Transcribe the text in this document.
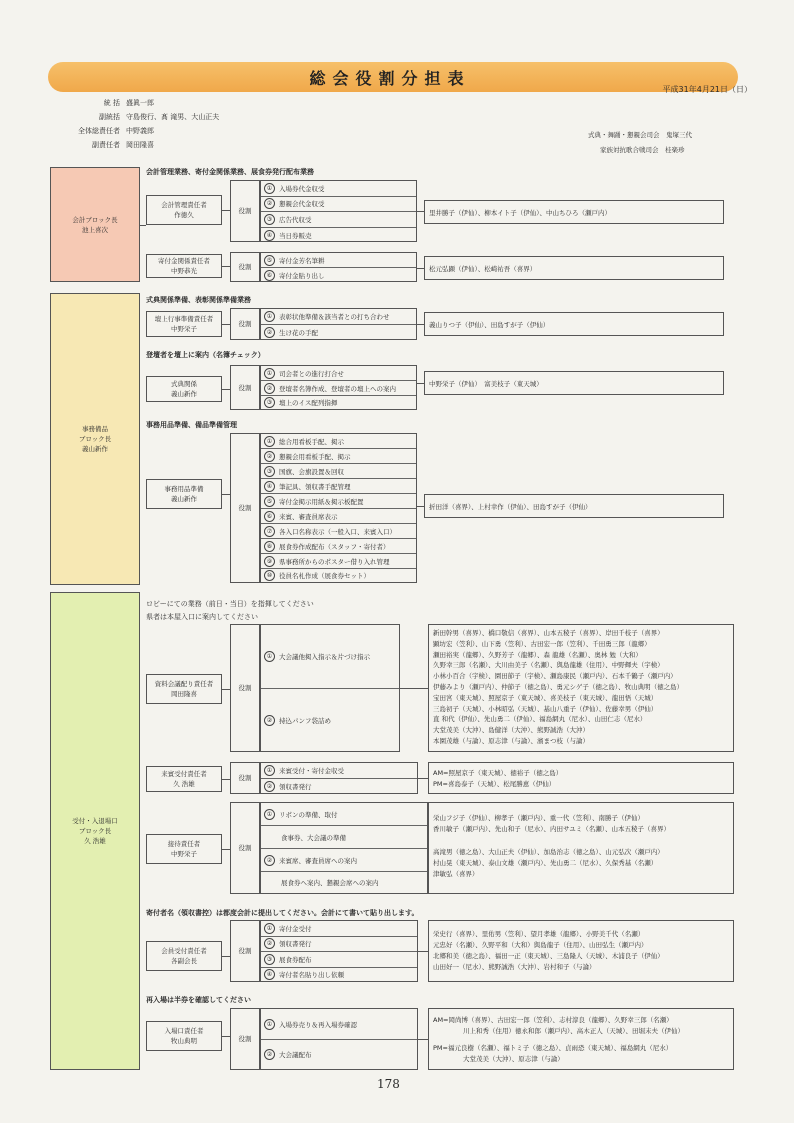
総会役割分担表
平成31年4月21日（日）
統 括 盛眞一郎
副統括 守島俊行、髙 滝男、大山正夫
全体総責任者 中野義郎
副責任者 岡田隆喜
式典・舞踊・懇親会司会　 鬼塚三代
家族対抗歌合戦司会　 桂楽珍
会計ブロック長
池上喜次
会計管理業務、寄付金関係業務、展食券発行配布業務
会計管理責任者
作徳久	役割
①	入場券代金収受
②	懇親会代金収受
③	広告代収受
④	当日券販売
里井勝子（伊仙）、柳本イト子（伊仙）、中山ちひろ（瀬戸内）
寄付金関係責任者
中野恭光	役割
⑤	寄付金芳名筆耕
⑥	寄付金貼り出し
松元弘顕（伊仙）、松崎祐吾（喜界）
事務備品
ブロック長
義山新作
式典関係準備、表彰関係準備業務
壇上行事準備責任者
中野栄子
役割
①	表彰状他準備＆該当者との打ち合わせ
②	生け花の手配
義山りつ子（伊仙）、田島すが子（伊仙）
登壇者を壇上に案内（名簿チェック）
式典関係
義山新作
役割
①	司会者との進行打合せ
②	登壇者名簿作成、登壇者の壇上への案内
③	壇上のイス配列指揮
中野栄子（伊仙）　富美枝子（東天城）
事務用品準備、備品準備管理
事務用品準備
義山新作
役割
①	総合用看板手配、掲示
②	懇親会用看板手配、掲示
③	国旗、会旗設置＆回収
④	筆記具、領収書手配管理
⑤	寄付金掲示用紙＆掲示板配置
⑥	来賓、審査員席表示
⑦	各入口名称表示（一般入口、来賓入口）
⑧	展食券作成配布（スタッフ・寄付者）
⑨	県事務所からのポスター借り入れ管理
⑩	役員名札作成（展食券セット）
折田洋（喜界）、上村幸作（伊仙）、田島すが子（伊仙）
受付・入退場口
ブロック長
久 浩雄
ロビーにての業務（前日・当日）を指揮してください
県者は本屋入口に案内してください
資料会議配り責任者
岡田隆喜
役割
①	大会議他掲入指示＆片づけ指示
②	持込パンフ袋詰め
新田幹男（喜界）、橋口敬信（喜界）、山本五稜子（喜界）、岸田千枝子（喜界）
顕坊宏（笠利）、山下勇（笠利）、古田宏一郎（笠利）、千田勇三郎（龍郷）
瀬田裕実（龍郷）、久野芳子（龍郷）、森 龍雄（名瀬）、奥林 勉（大和）
久野幸三郎（名瀬）、大川由美子（名瀬）、與島龍雄（住用）、中野輝夫（宇検）
小林小百合（宇検）、園田節子（宇検）、瀬島康民（瀬戸内）、石本千鶴子（瀬戸内）
伊藤みより（瀬戸内）、仲節子（徳之島）、勇元シゲ子（徳之島）、牧山典明（徳之島）
宝田宮（東天城）、照屋京子（東天城）、喜美枝子（東天城）、龍田悟（天城）
三島初子（天城）、小林昭弘（天城）、基山八重子（伊仙）、佐藤幸男（伊仙）
直 和代（伊仙）、先山勇二（伊仙）、福島網丸（尼水）、山田仁志（尼水）
大堂茂美（大沖）、島健洋（大沖）、熊野誠浩（大沖）
本園茂雄（与論）、原志津（与論）、濱まつ枝（与論）
来賓受付責任者
久 浩雄
役割
①	来賓受付・寄付金収受
②	領収書発行
AM=照屋京子（東天城）、徳裕子（徳之島）
PM=喜島泰子（天城）、松尾勝恵（伊仙）
接待責任者
中野栄子
役割
①	リボンの準備、取付
食事券、大会議の準備
②	来賓席、審査員席への案内
展食券へ案内、懇親会席への案内
栄山フジ子（伊仙）、柳孝子（瀬戸内）、重一代（笠利）、南勝子（伊仙）
香川敏子（瀬戸内）、先山和子（尼水）、内田サユミ（名瀬）、山本五稜子（喜界）
高滝男（徳之島）、大山正夫（伊仙）、加島治志（徳之島）、山元弘次（瀬戸内）
村山晃（東天城）、泰山文雄（瀬戸内）、先山勇二（尼水）、久保秀基（名瀬）
津敏弘（喜界）
寄付者名（領収書控）は都度会計に提出してください。会計にて書いて貼り出します。
会員受付責任者
各副会長
役割
①	寄付金受付
②	領収書発行
③	展食券配布
④	寄付者名貼り出し依頼
栄史行（喜界）、里佑男（笠利）、望月孝雄（龍郷）、小野美千代（名瀬）
元忠好（名瀬）、久野平和（大和）與島龍子（住用）、山田弘生（瀬戸内）
北郷和美（徳之島）、福田一正（東天城）、三島隆人（天城）、木浦良子（伊仙）
山田好一（尼水）、熊野誠浩（大沖）、岩村和子（与論）
再入場は半券を確認してください
入場口責任者
牧山典明	役割
①	入場券売り＆再入場券確認
②	大会議配布
AM=岡尚博（喜界）、古田宏一郎（笠利）、志村淳良（龍郷）、久野幸三郎（名瀬）
川上和秀（住用）徳永和郎（瀬戸内）、高木正人（天城）、田堀末夫（伊仙）
PM=福元良樹（名瀬）、福トミ子（徳之島）、貞雨恐（東天城）、福島網丸（尼水）
大堂茂美（大沖）、原志津（与論）
178
